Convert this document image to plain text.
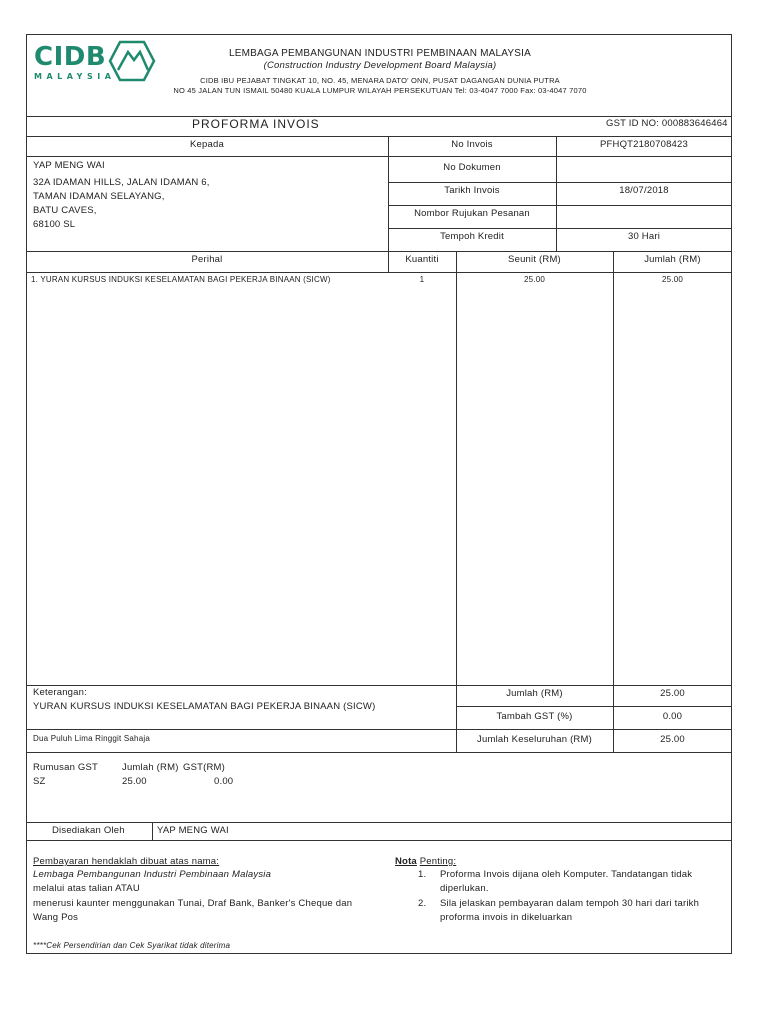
CIDB
MALAYSIA
LEMBAGA PEMBANGUNAN INDUSTRI PEMBINAAN MALAYSIA
(Construction Industry Development Board Malaysia)
CIDB IBU PEJABAT TINGKAT 10, NO. 45, MENARA DATO' ONN, PUSAT DAGANGAN DUNIA PUTRA
NO 45 JALAN TUN ISMAIL 50480 KUALA LUMPUR WILAYAH PERSEKUTUAN Tel: 03-4047 7000 Fax: 03-4047 7070
PROFORMA INVOIS	GST ID NO: 000883646464
Kepada
YAP MENG WAI
32A IDAMAN HILLS, JALAN IDAMAN 6,
TAMAN IDAMAN SELAYANG,
BATU CAVES,
68100 SL
No Invois	PFHQT2180708423
No Dokumen
Tarikh Invois	18/07/2018
Nombor Rujukan Pesanan
Tempoh Kredit	30 Hari
Perihal	Kuantiti	Seunit (RM)	Jumlah (RM)
1. YURAN KURSUS INDUKSI KESELAMATAN BAGI PEKERJA BINAAN (SICW)	1	25.00	25.00
Keterangan:
YURAN KURSUS INDUKSI KESELAMATAN BAGI PEKERJA BINAAN (SICW)
Jumlah (RM)	25.00
Tambah GST (%)	0.00
Dua Puluh Lima Ringgit Sahaja	Jumlah Keseluruhan (RM)	25.00
Rumusan GST	Jumlah (RM) GST(RM)
SZ	25.00	0.00
Disediakan Oleh	YAP MENG WAI
Pembayaran hendaklah dibuat atas nama:
Lembaga Pembangunan Industri Pembinaan Malaysia
melalui atas talian ATAU
menerusi kaunter menggunakan Tunai, Draf Bank, Banker's Cheque dan
Wang Pos
****Cek Persendirian dan Cek Syarikat tidak diterima
Nota Penting:
1. Proforma Invois dijana oleh Komputer. Tandatangan tidak
diperlukan.
2. Sila jelaskan pembayaran dalam tempoh 30 hari dari tarikh
proforma invois in dikeluarkan
